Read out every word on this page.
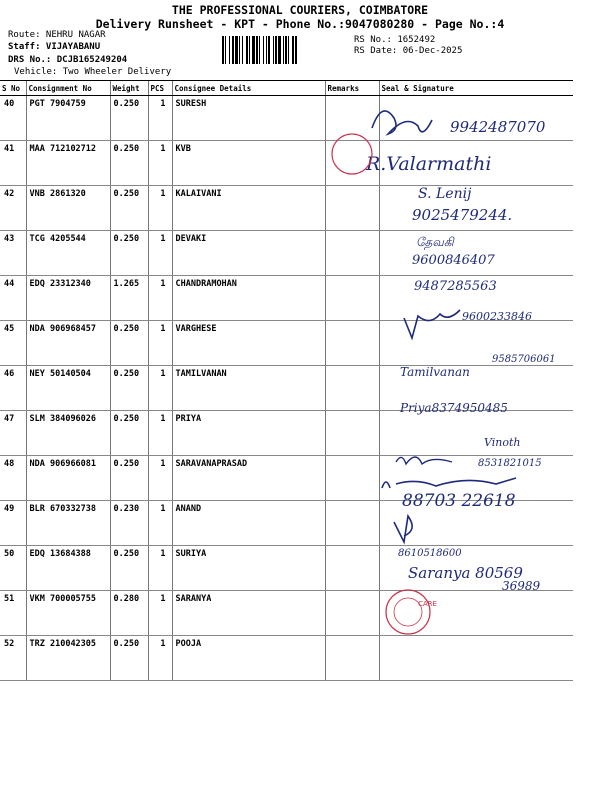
THE PROFESSIONAL COURIERS, COIMBATORE
Delivery Runsheet - KPT - Phone No.:9047080280 - Page No.:4
Route: NEHRU NAGAR
Staff: VIJAYABANU
DRS No.: DCJB165249204
Vehicle: Two Wheeler Delivery
RS No.: 1652492
RS Date: 06-Dec-2025
S No	Consignment No	Weight	PCS	Consignee Details	Remarks	Seal & Signature
40	PGT 7904759	0.250	1	SURESH		
41	MAA 712102712	0.250	1	KVB		
42	VNB 2861320	0.250	1	KALAIVANI		
43	TCG 4205544	0.250	1	DEVAKI		
44	EDQ 23312340	1.265	1	CHANDRAMOHAN		
45	NDA 906968457	0.250	1	VARGHESE		
46	NEY 50140504	0.250	1	TAMILVANAN		
47	SLM 384096026	0.250	1	PRIYA		
48	NDA 906966081	0.250	1	SARAVANAPRASAD		
49	BLR 670332738	0.230	1	ANAND		
50	EDQ 13684388	0.250	1	SURIYA		
51	VKM 700005755	0.280	1	SARANYA		
52	TRZ 210042305	0.250	1	POOJA		
9942487070
R.Valarmathi
S. Lenij
9025479244.
தேவகி
9600846407
9487285563
9600233846
Tamilvanan
9585706061
Priya8374950485
Vinoth
8531821015
88703 22618
8610518600
Saranya 80569
36989
CARE
